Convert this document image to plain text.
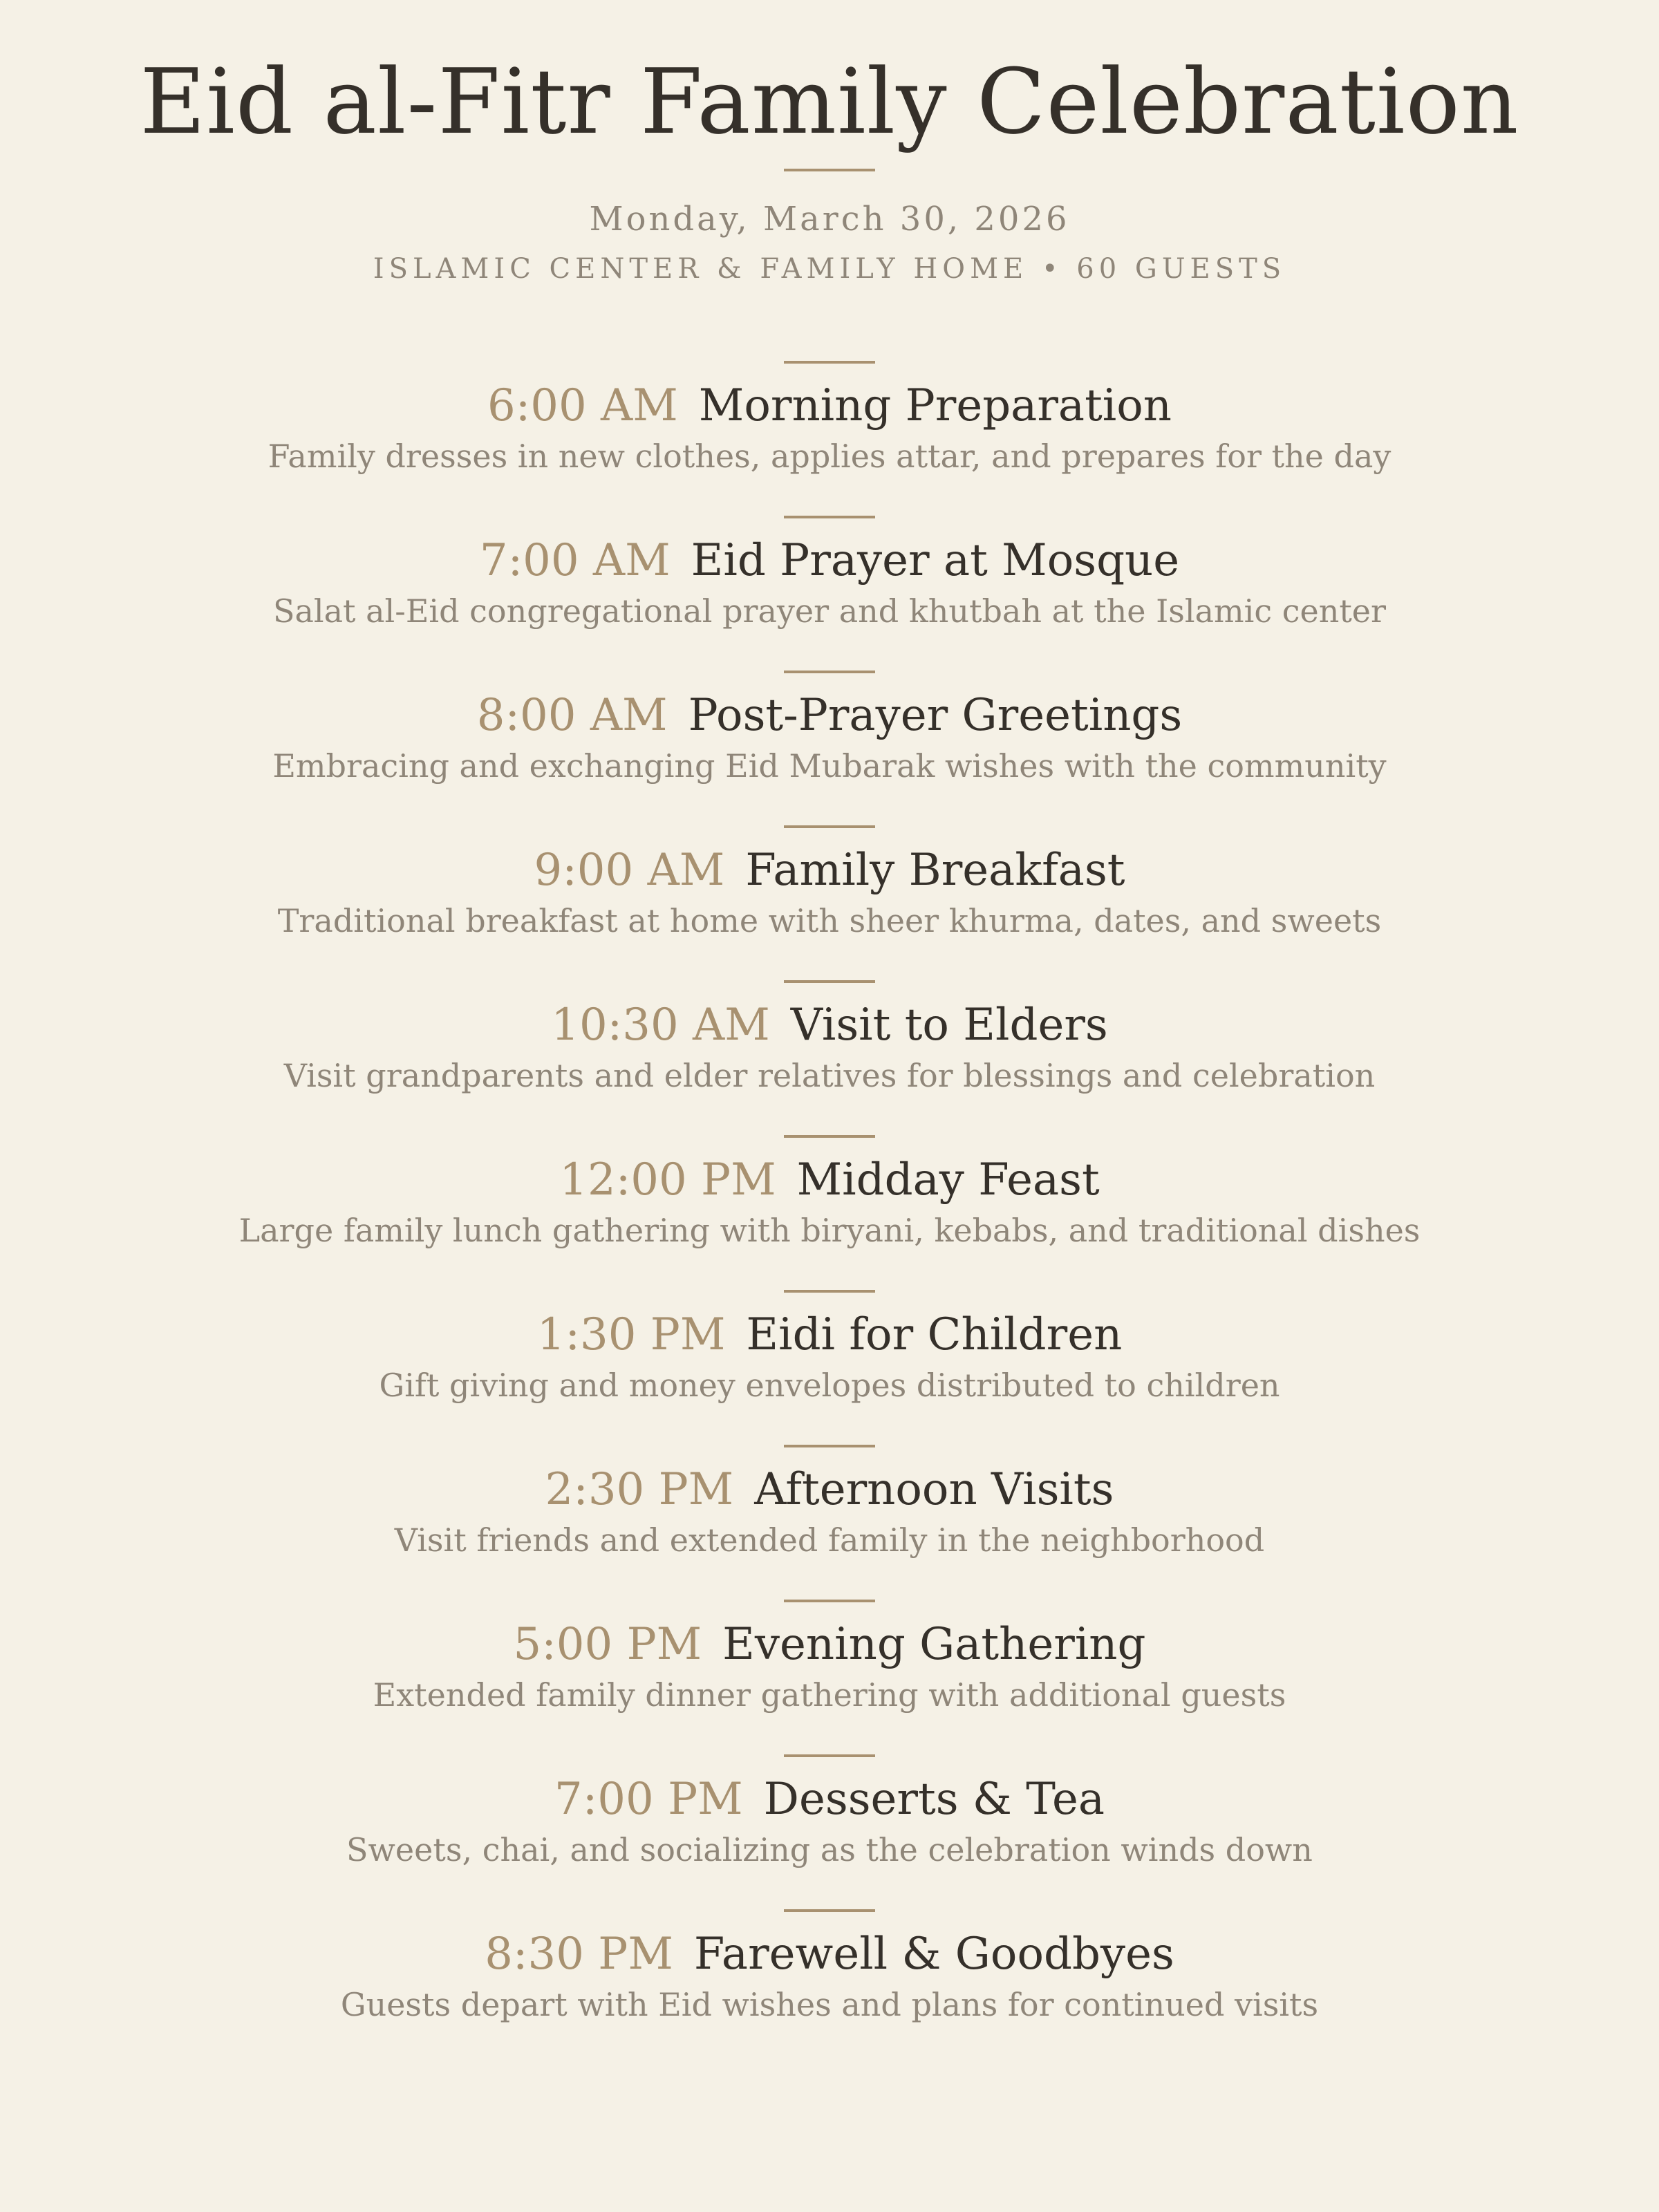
Eid al-Fitr Family Celebration
Monday, March 30, 2026
ISLAMIC CENTER & FAMILY HOME • 60 GUESTS
6:00 AM Morning Preparation
Family dresses in new clothes, applies attar, and prepares for the day
7:00 AM Eid Prayer at Mosque
Salat al-Eid congregational prayer and khutbah at the Islamic center
8:00 AM Post-Prayer Greetings
Embracing and exchanging Eid Mubarak wishes with the community
9:00 AM Family Breakfast
Traditional breakfast at home with sheer khurma, dates, and sweets
10:30 AM Visit to Elders
Visit grandparents and elder relatives for blessings and celebration
12:00 PM Midday Feast
Large family lunch gathering with biryani, kebabs, and traditional dishes
1:30 PM Eidi for Children
Gift giving and money envelopes distributed to children
2:30 PM Afternoon Visits
Visit friends and extended family in the neighborhood
5:00 PM Evening Gathering
Extended family dinner gathering with additional guests
7:00 PM Desserts & Tea
Sweets, chai, and socializing as the celebration winds down
8:30 PM Farewell & Goodbyes
Guests depart with Eid wishes and plans for continued visits
